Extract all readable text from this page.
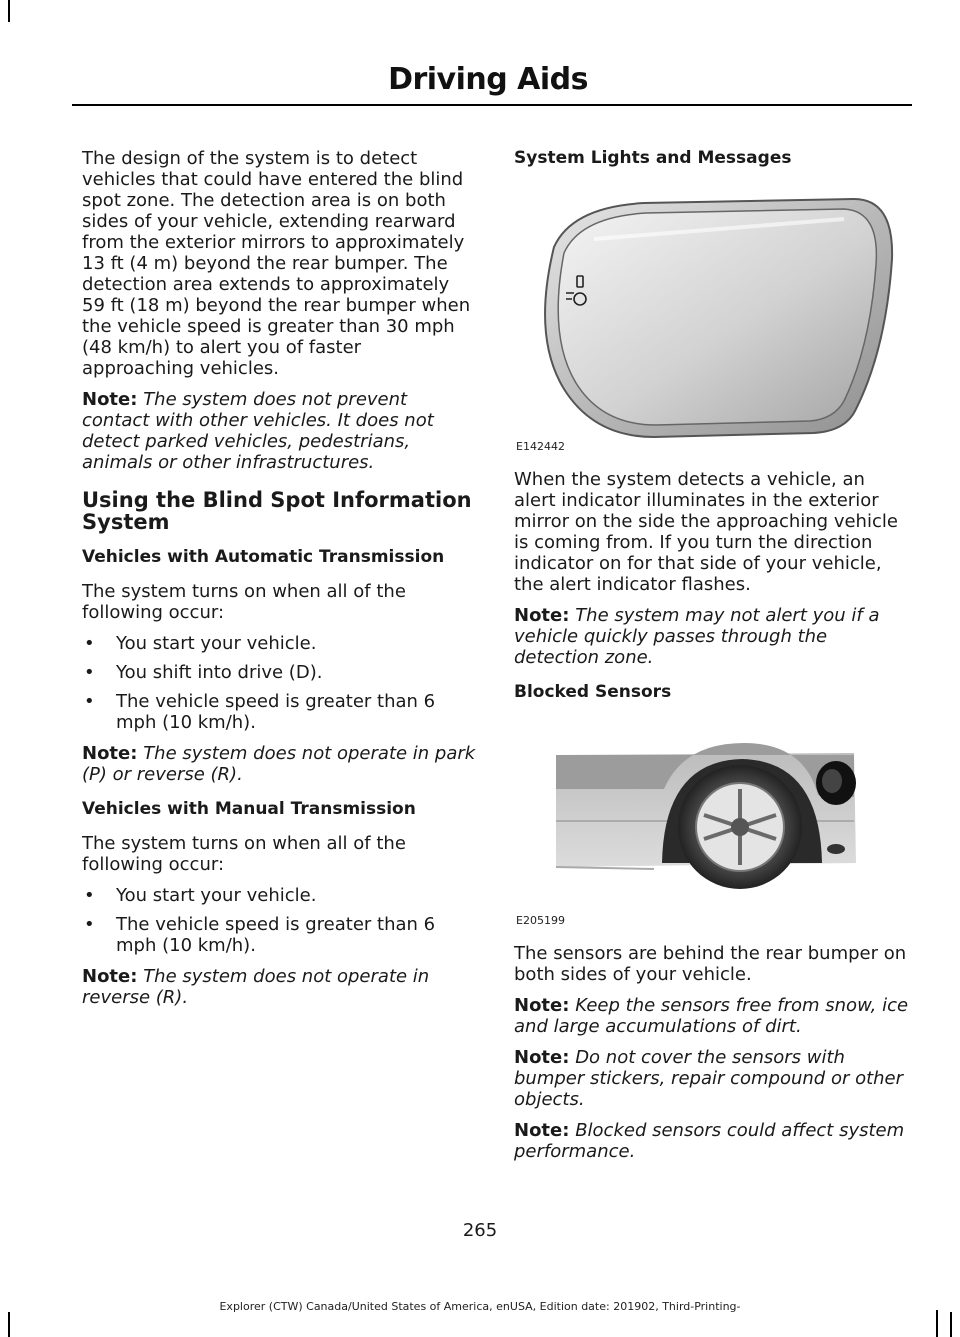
Driving Aids

The design of the system is to detect vehicles that could have entered the blind spot zone. The detection area is on both sides of your vehicle, extending rearward from the exterior mirrors to approximately 13 ft (4 m) beyond the rear bumper. The detection area extends to approximately 59 ft (18 m) beyond the rear bumper when the vehicle speed is greater than 30 mph (48 km/h) to alert you of faster approaching vehicles.

Note: The system does not prevent contact with other vehicles. It does not detect parked vehicles, pedestrians, animals or other infrastructures.

Using the Blind Spot Information System
Vehicles with Automatic Transmission

The system turns on when all of the following occur:

• You start your vehicle.
• You shift into drive (D).
• The vehicle speed is greater than 6 mph (10 km/h).

Note: The system does not operate in park (P) or reverse (R).

Vehicles with Manual Transmission

The system turns on when all of the following occur:

• You start your vehicle.
• The vehicle speed is greater than 6 mph (10 km/h).

Note: The system does not operate in reverse (R).

System Lights and Messages
E142442

When the system detects a vehicle, an alert indicator illuminates in the exterior mirror on the side the approaching vehicle is coming from. If you turn the direction indicator on for that side of your vehicle, the alert indicator flashes.

Note: The system may not alert you if a vehicle quickly passes through the detection zone.

Blocked Sensors
E205199

The sensors are behind the rear bumper on both sides of your vehicle.

Note: Keep the sensors free from snow, ice and large accumulations of dirt.

Note: Do not cover the sensors with bumper stickers, repair compound or other objects.

Note: Blocked sensors could affect system performance.

265
Explorer (CTW) Canada/United States of America, enUSA, Edition date: 201902, Third-Printing-
